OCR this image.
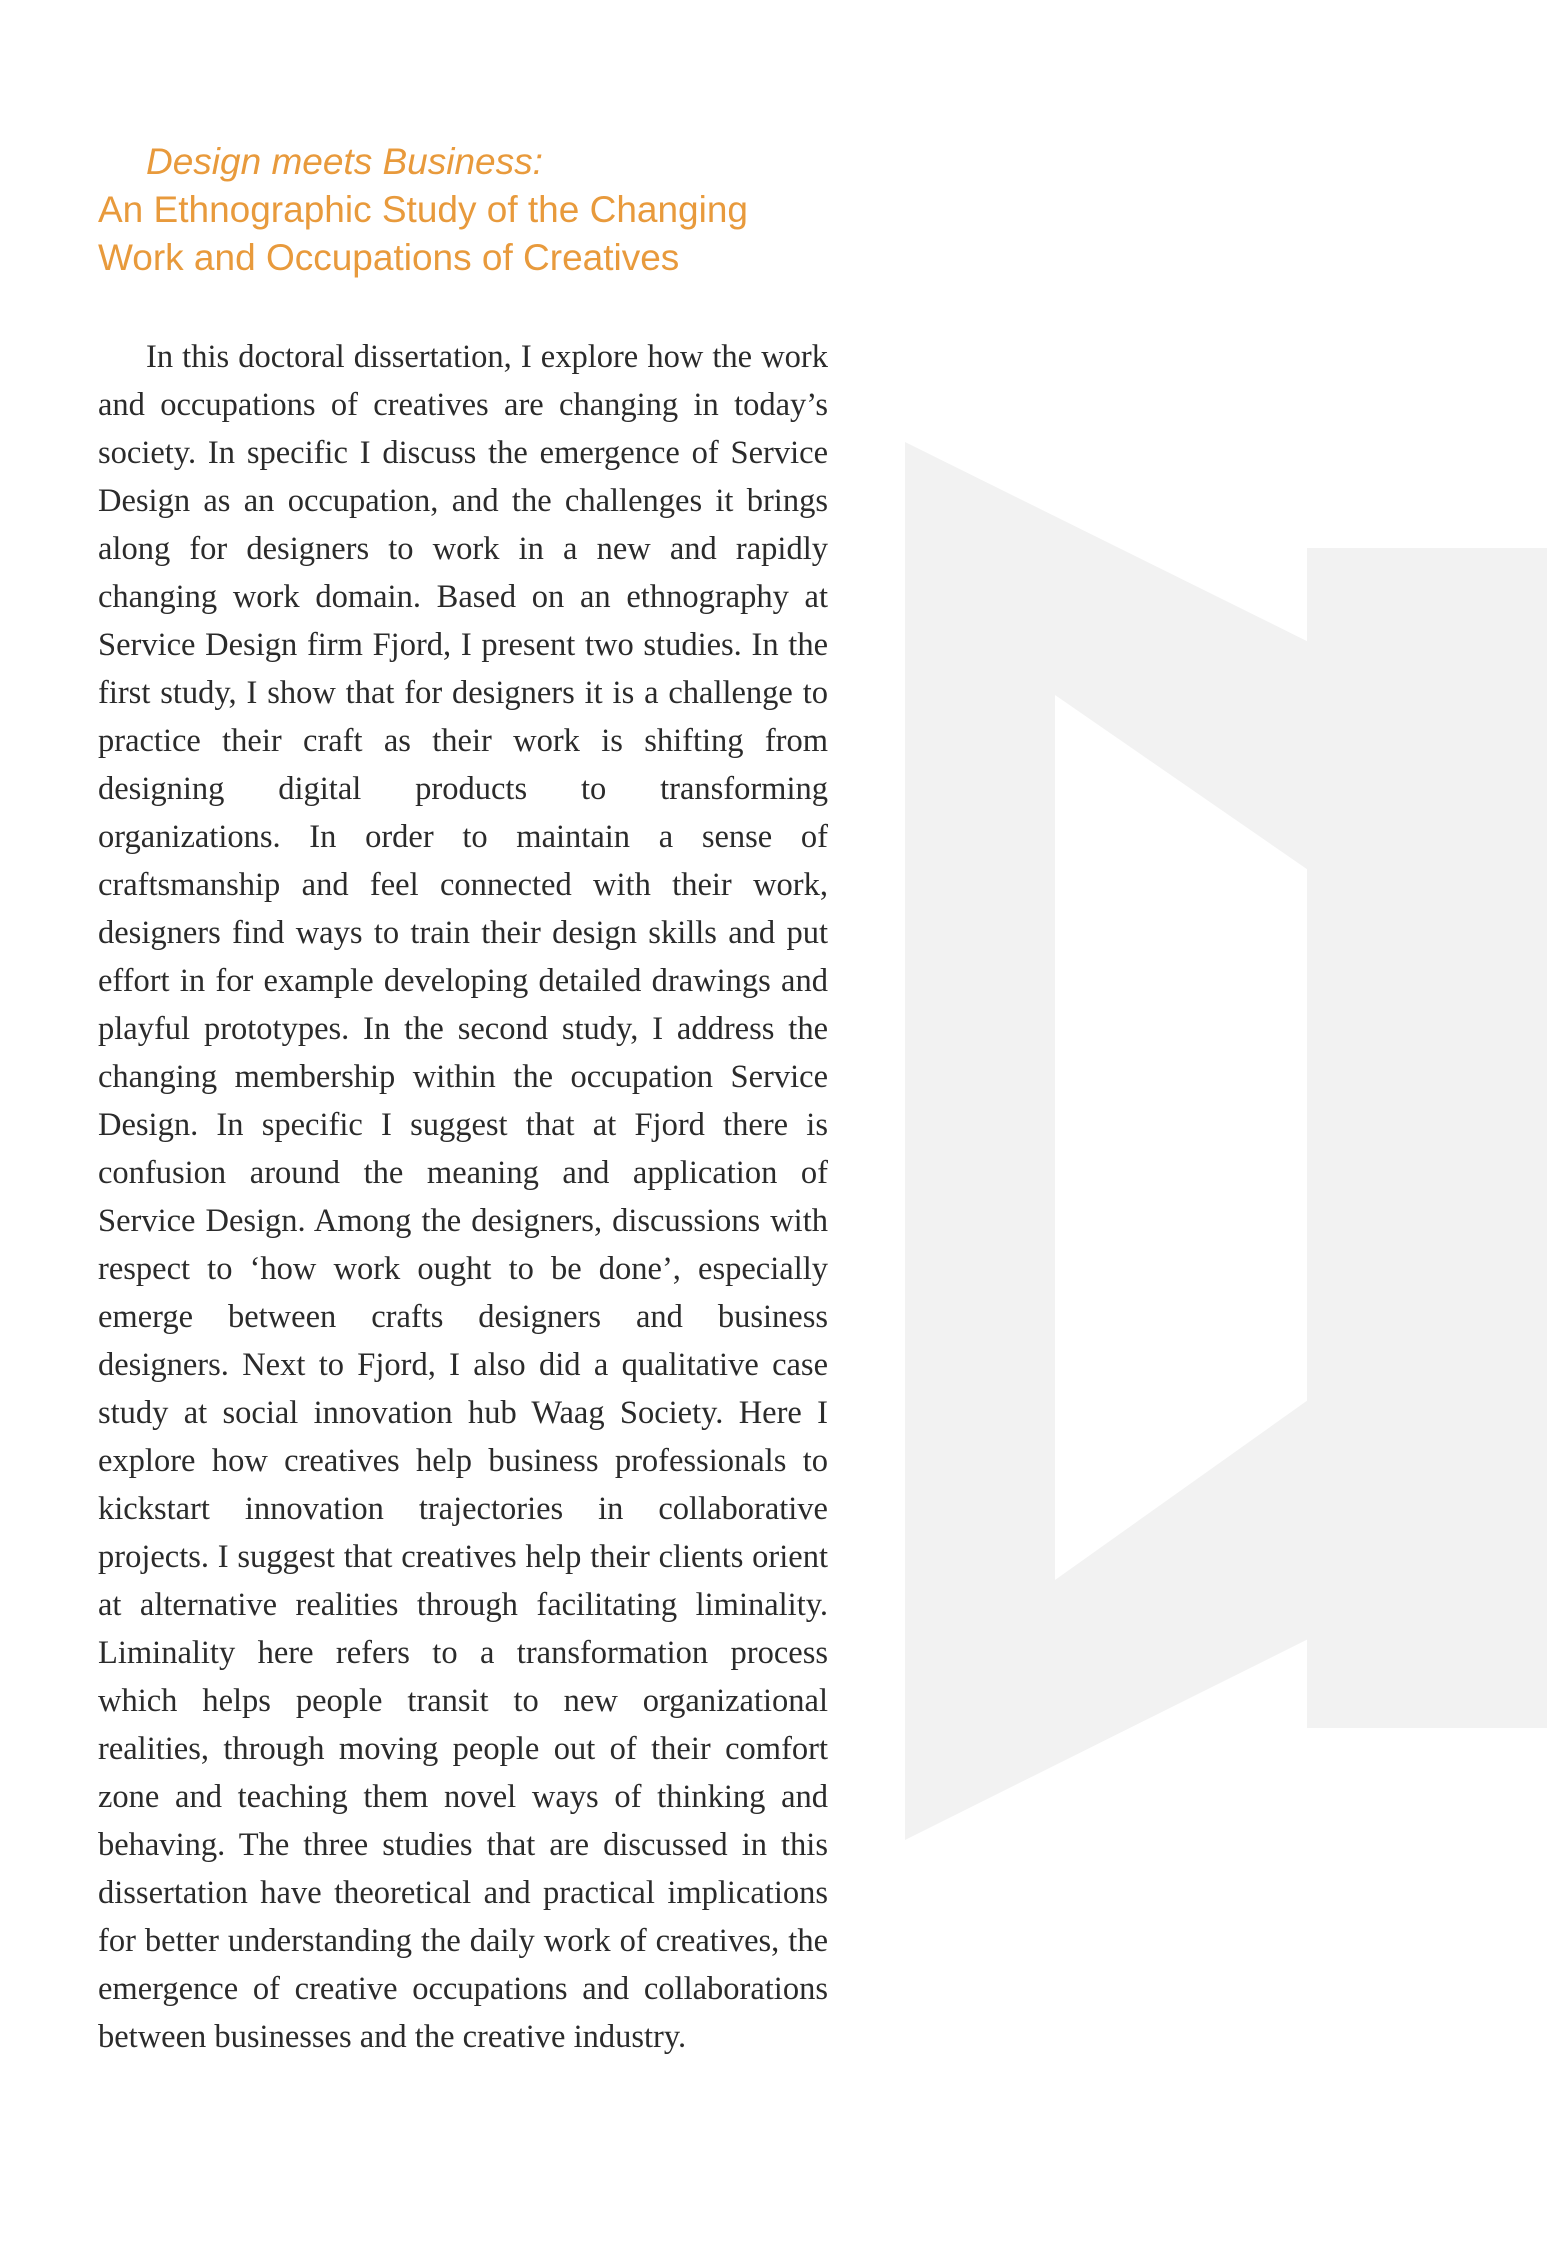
Design meets Business:
An Ethnographic Study of the Changing
Work and Occupations of Creatives

In this doctoral dissertation, I explore how the work and occupations of creatives are changing in today’s society. In specific I discuss the emergence of Service Design as an occupation, and the challenges it brings along for designers to work in a new and rapidly changing work domain. Based on an ethnography at Service Design firm Fjord, I present two studies. In the first study, I show that for designers it is a challenge to practice their craft as their work is shifting from designing digital products to transforming organizations. In order to maintain a sense of craftsmanship and feel connected with their work, designers find ways to train their design skills and put effort in for example developing detailed drawings and playful prototypes. In the second study, I address the changing membership within the occupation Service Design. In specific I suggest that at Fjord there is confusion around the meaning and application of Service Design. Among the designers, discussions with respect to ‘how work ought to be done’, especially emerge between crafts designers and business designers. Next to Fjord, I also did a qualitative case study at social innovation hub Waag Society. Here I explore how creatives help business professionals to kickstart innovation trajectories in collaborative projects. I suggest that creatives help their clients orient at alternative realities through facilitating liminality. Liminality here refers to a transformation process which helps people transit to new organizational realities, through moving people out of their comfort zone and teaching them novel ways of thinking and behaving. The three studies that are discussed in this dissertation have theoretical and practical implications for better understanding the daily work of creatives, the emergence of creative occupations and collaborations between businesses and the creative industry.
